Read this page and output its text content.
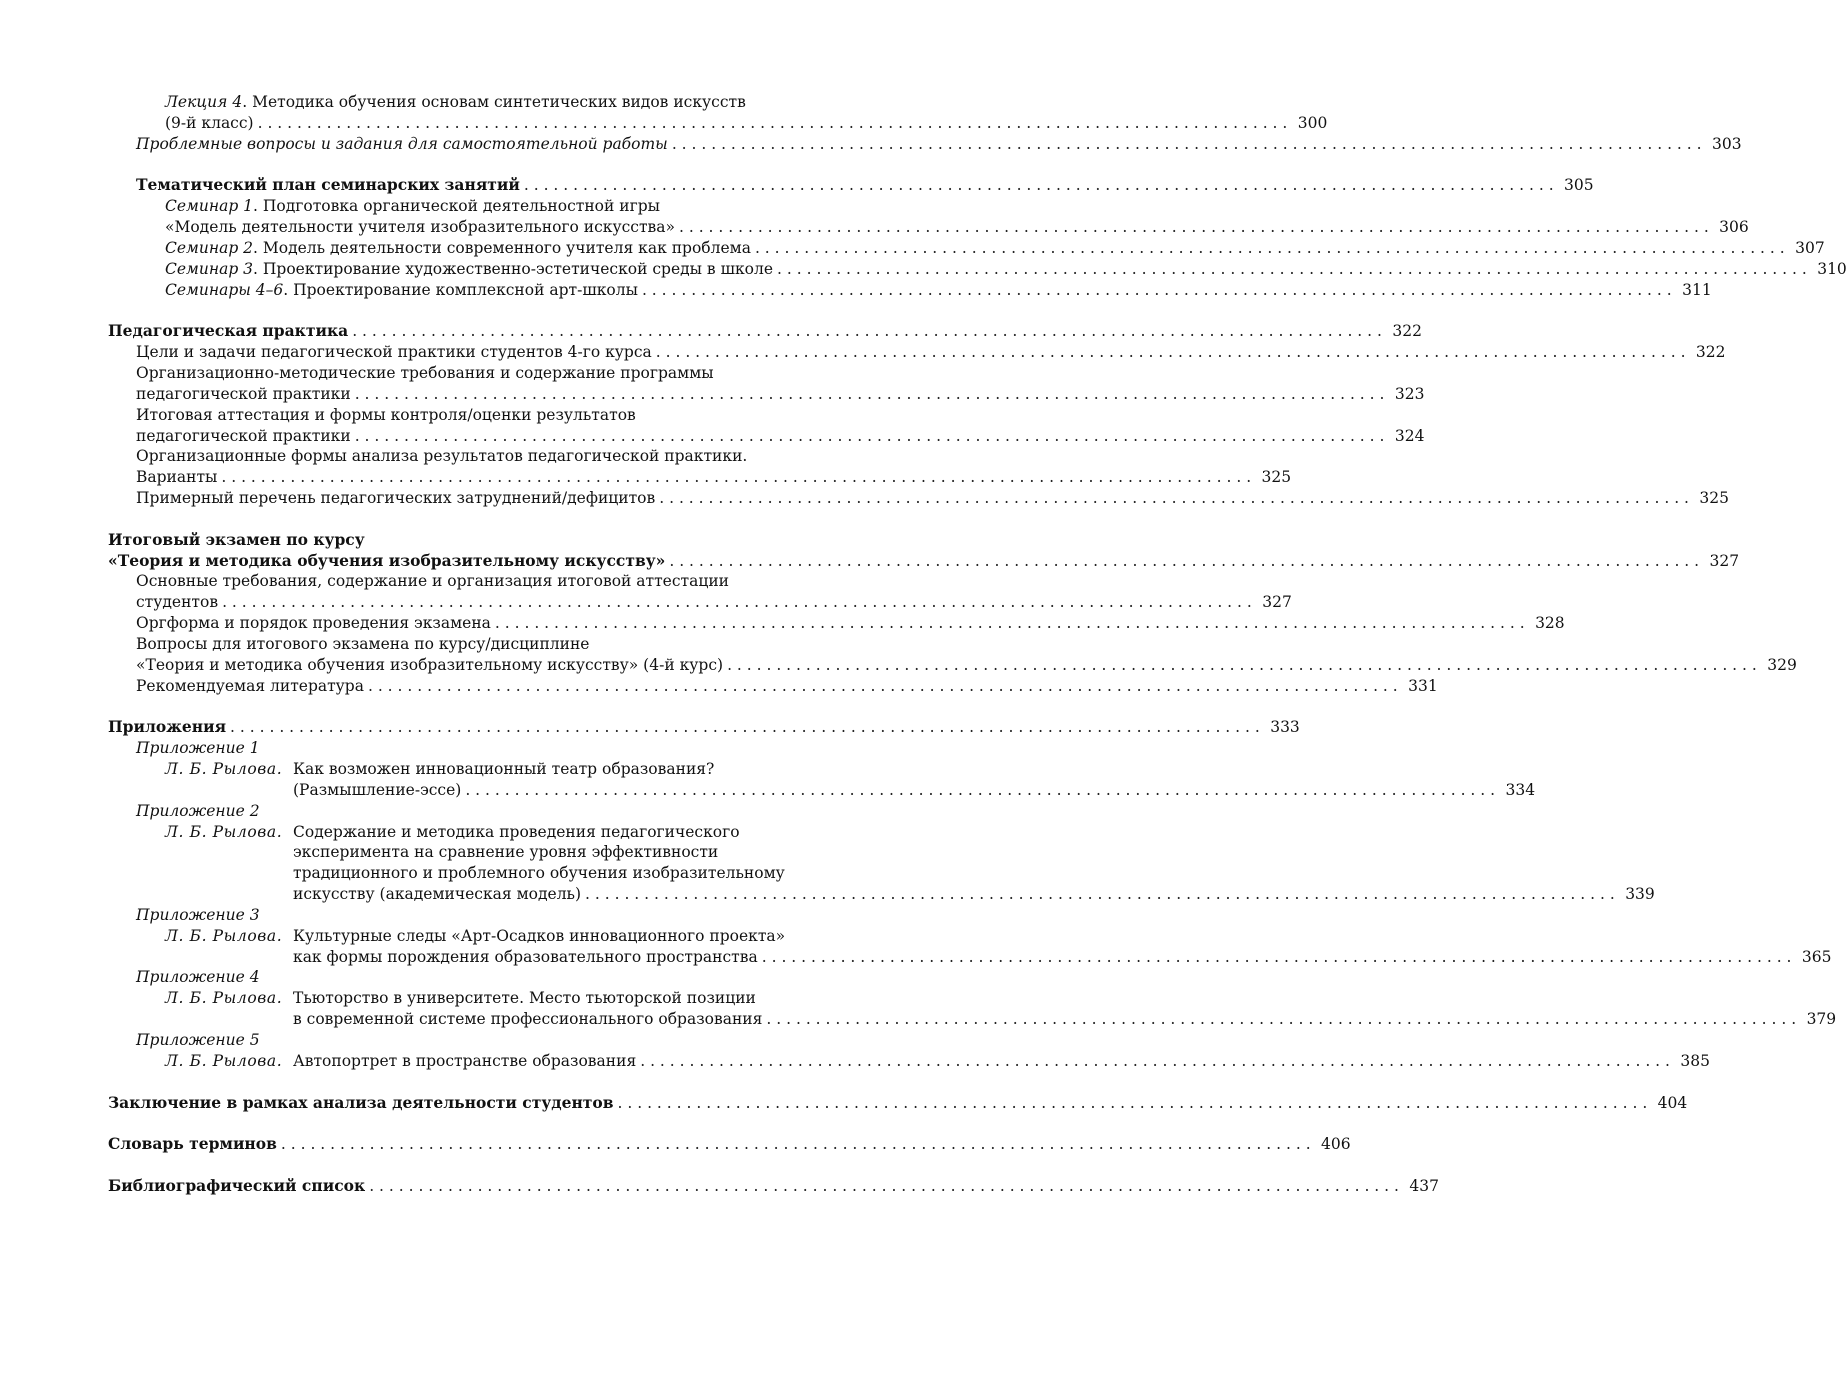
Лекция 4. Методика обучения основам синтетических видов искусств
(9-й класс) . . .	300
Проблемные вопросы и задания для самостоятельной работы . . .	303
Тематический план семинарских занятий . . .	305
Семинар 1. Подготовка органической деятельностной игры
«Модель деятельности учителя изобразительного искусства» . . .	306
Семинар 2. Модель деятельности современного учителя как проблема . . .	307
Семинар 3. Проектирование художественно-эстетической среды в школе . . .	310
Семинары 4–6. Проектирование комплексной арт-школы . . .	311
Педагогическая практика . . .	322
Цели и задачи педагогической практики студентов 4-го курса . . .	322
Организационно-методические требования и содержание программы
педагогической практики . . .	323
Итоговая аттестация и формы контроля/оценки результатов
педагогической практики . . .	324
Организационные формы анализа результатов педагогической практики.
Варианты . . .	325
Примерный перечень педагогических затруднений/дефицитов . . .	325
Итоговый экзамен по курсу
«Теория и методика обучения изобразительному искусству» . . .	327
Основные требования, содержание и организация итоговой аттестации
студентов . . .	327
Оргформа и порядок проведения экзамена . . .	328
Вопросы для итогового экзамена по курсу/дисциплине
«Теория и методика обучения изобразительному искусству» (4-й курс) . . .	329
Рекомендуемая литература . . .	331
Приложения . . .	333
Приложение 1
Л. Б. Рылова. Как возможен инновационный театр образования?
(Размышление-эссе) . . .	334
Приложение 2
Л. Б. Рылова. Содержание и методика проведения педагогического
эксперимента на сравнение уровня эффективности
традиционного и проблемного обучения изобразительному
искусству (академическая модель) . . .	339
Приложение 3
Л. Б. Рылова. Культурные следы «Арт-Осадков инновационного проекта»
как формы порождения образовательного пространства . . .	365
Приложение 4
Л. Б. Рылова. Тьюторство в университете. Место тьюторской позиции
в современной системе профессионального образования . . .	379
Приложение 5
Л. Б. Рылова. Автопортрет в пространстве образования . . .	385
Заключение в рамках анализа деятельности студентов . . .	404
Словарь терминов . . .	406
Библиографический список . . .	437
